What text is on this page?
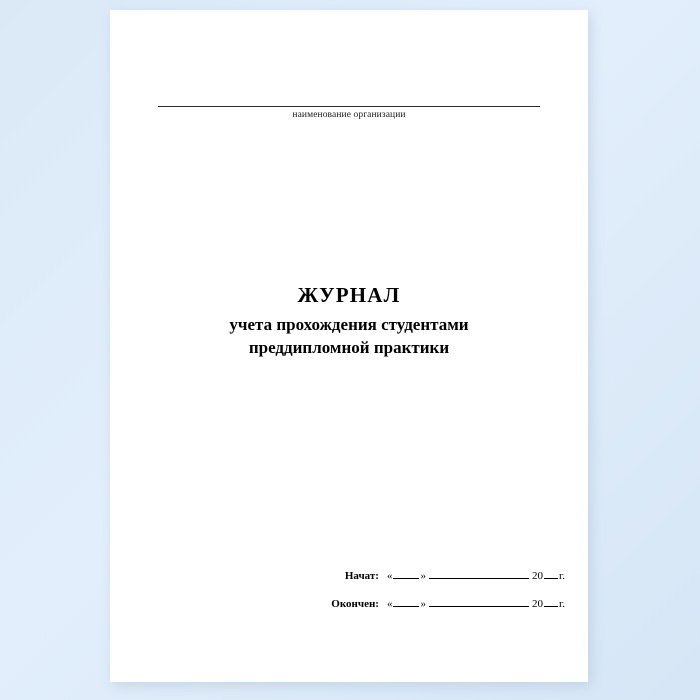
наименование организации
ЖУРНАЛ
учета прохождения студентами
преддипломной практики
Начат: «	»	20 г.
Окончен: «	»	20 г.
